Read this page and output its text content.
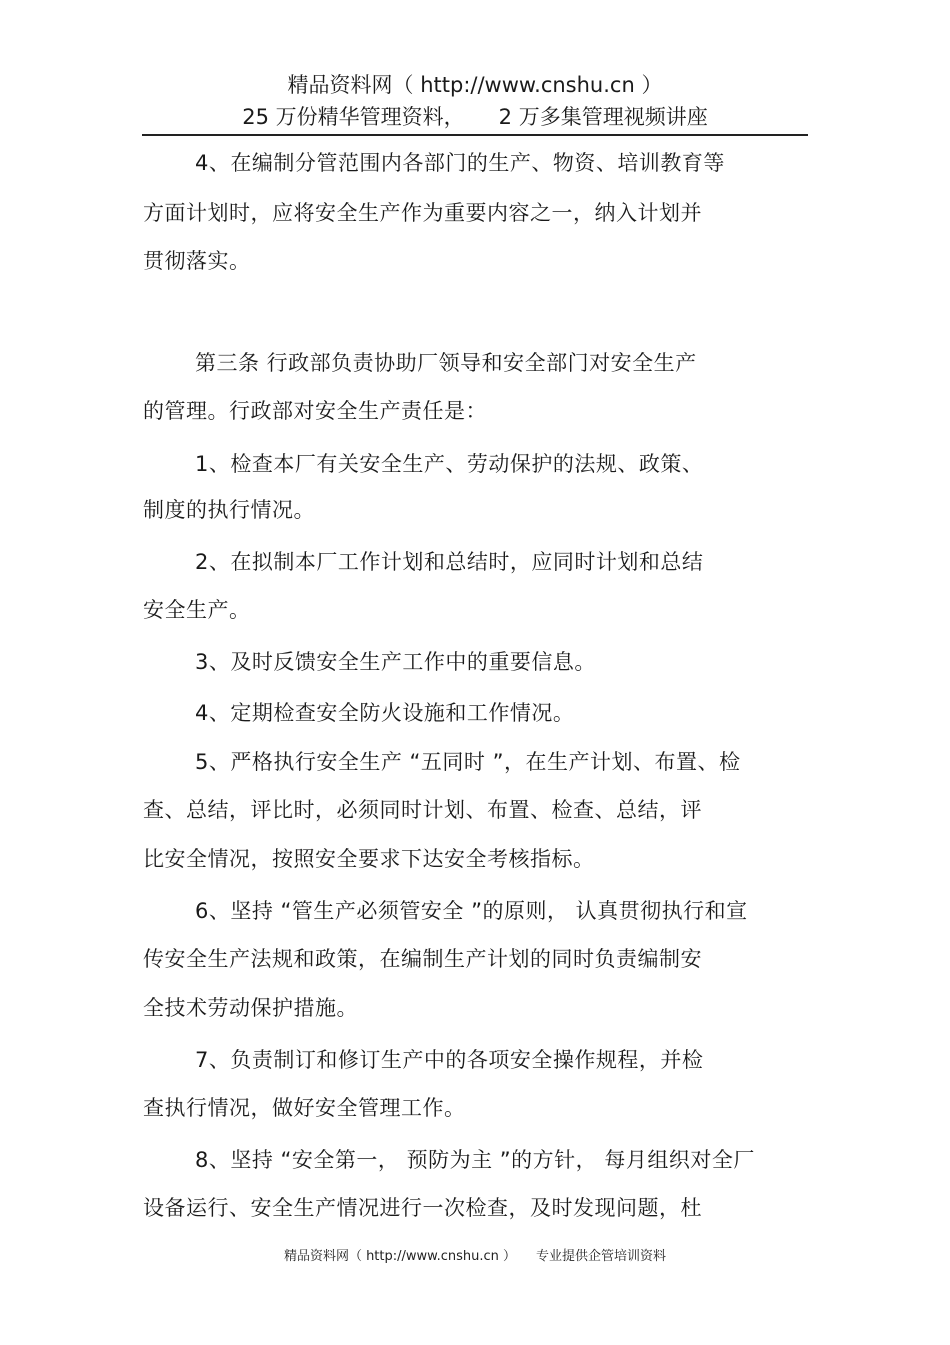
精品资料网（ http://www.cnshu.cn ）
25 万份精华管理资料， 2 万多集管理视频讲座
4、在编制分管范围内各部门的生产、物资、培训教育等
方面计划时，应将安全生产作为重要内容之一，纳入计划并
贯彻落实。
第三条 行政部负责协助厂领导和安全部门对安全生产
的管理。行政部对安全生产责任是：
1、检查本厂有关安全生产、劳动保护的法规、政策、
制度的执行情况。
2、在拟制本厂工作计划和总结时，应同时计划和总结
安全生产。
3、及时反馈安全生产工作中的重要信息。
4、定期检查安全防火设施和工作情况。
5、严格执行安全生产 “五同时 ”，在生产计划、布置、检
查、总结，评比时，必须同时计划、布置、检查、总结，评
比安全情况，按照安全要求下达安全考核指标。
6、坚持 “管生产必须管安全 ”的原则， 认真贯彻执行和宣
传安全生产法规和政策，在编制生产计划的同时负责编制安
全技术劳动保护措施。
7、负责制订和修订生产中的各项安全操作规程，并检
查执行情况，做好安全管理工作。
8、坚持 “安全第一， 预防为主 ”的方针， 每月组织对全厂
设备运行、安全生产情况进行一次检查，及时发现问题，杜
精品资料网（ http://www.cnshu.cn ） 专业提供企管培训资料
